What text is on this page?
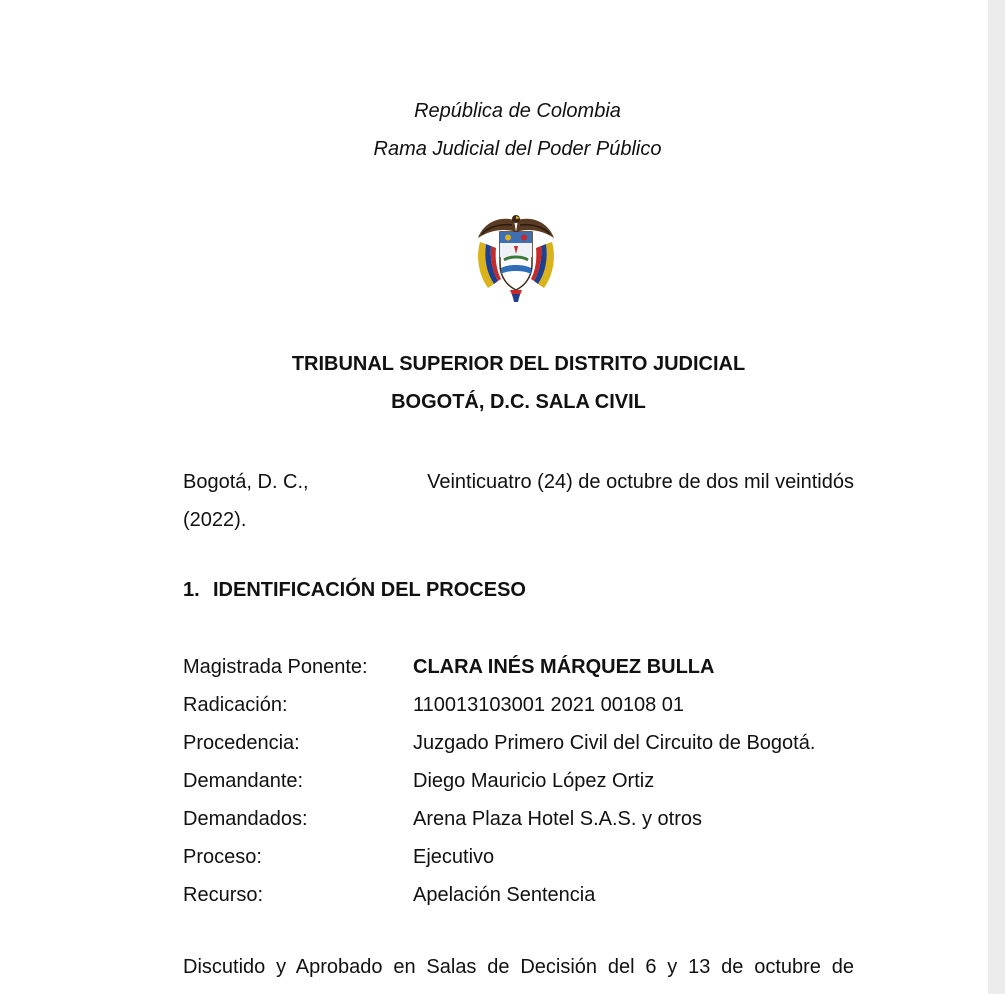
República de Colombia

Rama Judicial del Poder Público

TRIBUNAL SUPERIOR DEL DISTRITO JUDICIAL

BOGOTÁ, D.C. SALA CIVIL

Bogotá, D. C.,	Veinticuatro (24) de octubre de dos mil veintidós
(2022).

1. IDENTIFICACIÓN DEL PROCESO

Magistrada Ponente:	CLARA INÉS MÁRQUEZ BULLA
Radicación:	110013103001 2021 00108 01
Procedencia:	Juzgado Primero Civil del Circuito de Bogotá.
Demandante:	Diego Mauricio López Ortiz
Demandados:	Arena Plaza Hotel S.A.S. y otros
Proceso:	Ejecutivo
Recurso:	Apelación Sentencia

Discutido y Aprobado en Salas de Decisión del 6 y 13 de octubre de
